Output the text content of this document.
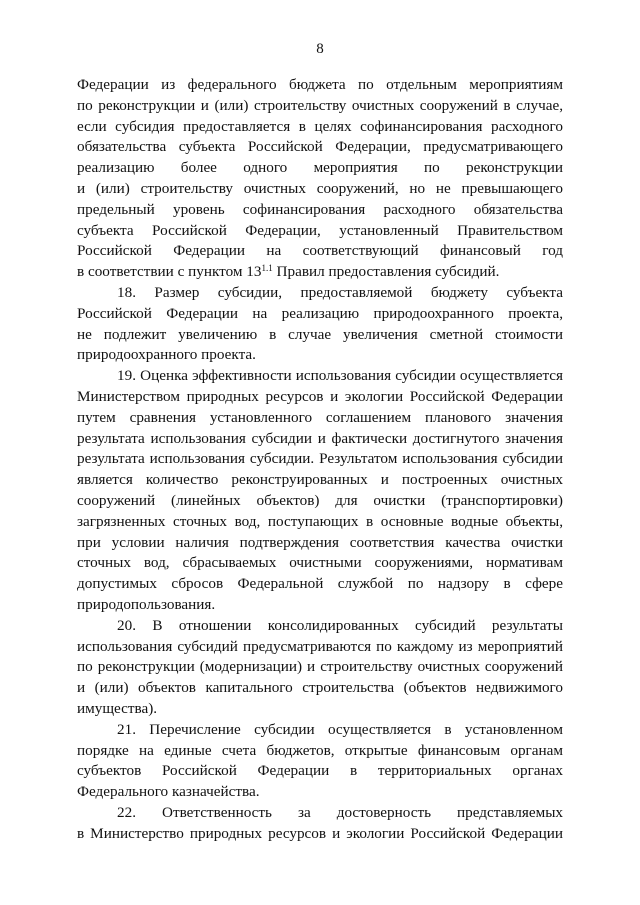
8
Федерации из федерального бюджета по отдельным мероприятиям
по реконструкции и (или) строительству очистных сооружений в случае,
если субсидия предоставляется в целях софинансирования расходного
обязательства субъекта Российской Федерации, предусматривающего
реализацию более одного мероприятия по реконструкции
и (или) строительству очистных сооружений, но не превышающего
предельный уровень софинансирования расходного обязательства
субъекта Российской Федерации, установленный Правительством
Российской Федерации на соответствующий финансовый год
в соответствии с пунктом $13^{1.1}$ Правил предоставления субсидий.
18. Размер субсидии, предоставляемой бюджету субъекта
Российской Федерации на реализацию природоохранного проекта,
не подлежит увеличению в случае увеличения сметной стоимости
природоохранного проекта.
19. Оценка эффективности использования субсидии осуществляется
Министерством природных ресурсов и экологии Российской Федерации
путем сравнения установленного соглашением планового значения
результата использования субсидии и фактически достигнутого значения
результата использования субсидии. Результатом использования субсидии
является количество реконструированных и построенных очистных
сооружений (линейных объектов) для очистки (транспортировки)
загрязненных сточных вод, поступающих в основные водные объекты,
при условии наличия подтверждения соответствия качества очистки
сточных вод, сбрасываемых очистными сооружениями, нормативам
допустимых сбросов Федеральной службой по надзору в сфере
природопользования.
20. В отношении консолидированных субсидий результаты
использования субсидий предусматриваются по каждому из мероприятий
по реконструкции (модернизации) и строительству очистных сооружений
и (или) объектов капитального строительства (объектов недвижимого
имущества).
21. Перечисление субсидии осуществляется в установленном
порядке на единые счета бюджетов, открытые финансовым органам
субъектов Российской Федерации в территориальных органах
Федерального казначейства.
22. Ответственность за достоверность представляемых
в Министерство природных ресурсов и экологии Российской Федерации
